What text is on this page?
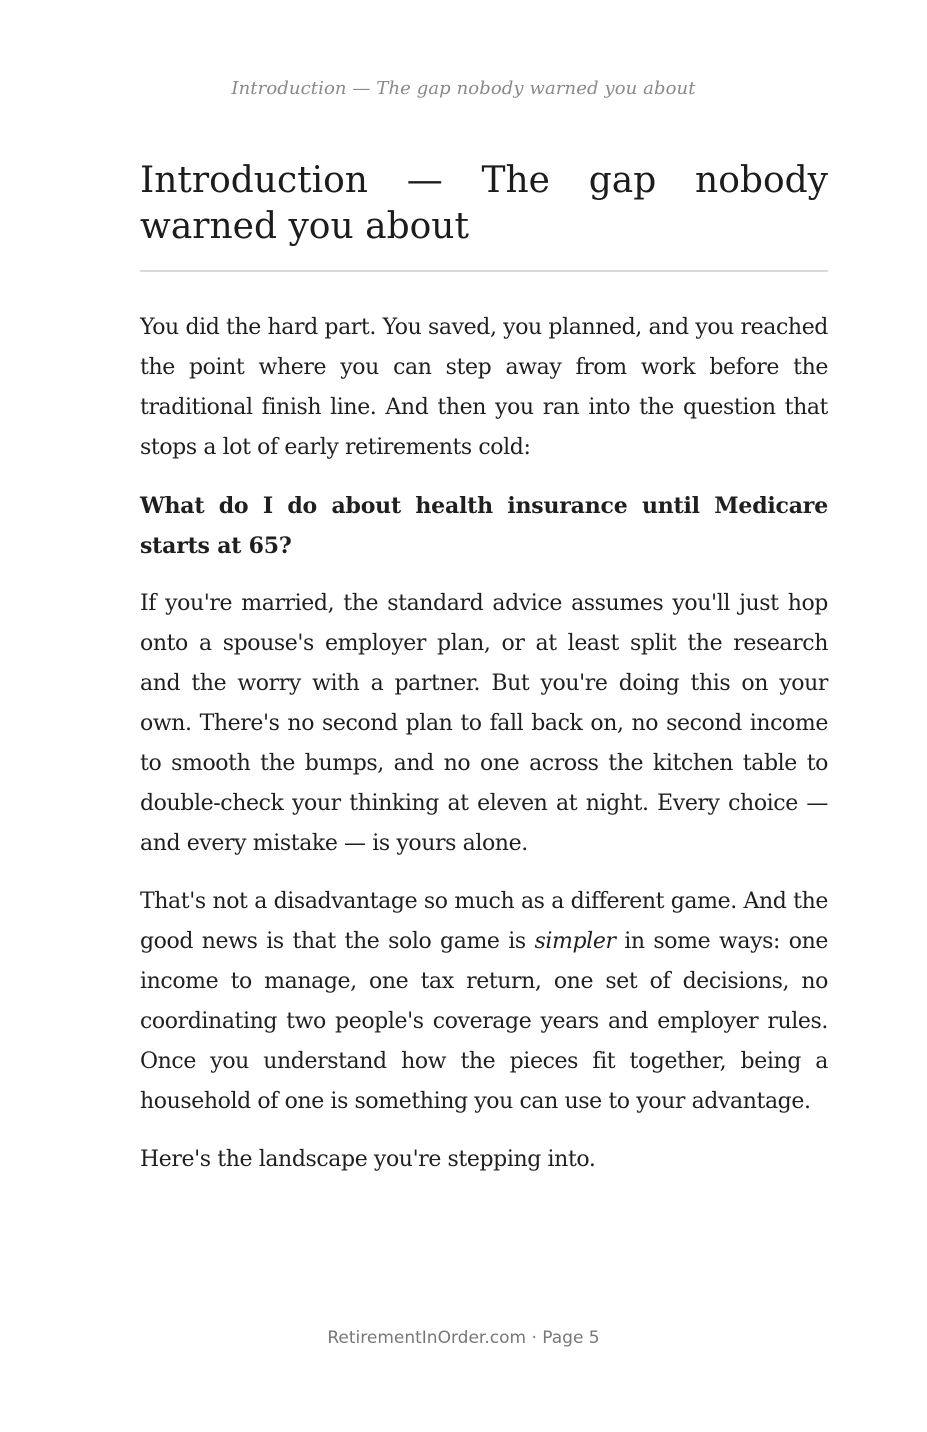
Introduction — The gap nobody warned you about
Introduction — The gap nobody warned you about

You did the hard part. You saved, you planned, and you reached the point where you can step away from work before the traditional finish line. And then you ran into the question that stops a lot of early retirements cold:

What do I do about health insurance until Medicare starts at 65?

If you're married, the standard advice assumes you'll just hop onto a spouse's employer plan, or at least split the research and the worry with a partner. But you're doing this on your own. There's no second plan to fall back on, no second income to smooth the bumps, and no one across the kitchen table to double-check your thinking at eleven at night. Every choice — and every mistake — is yours alone.

That's not a disadvantage so much as a different game. And the good news is that the solo game is simpler in some ways: one income to manage, one tax return, one set of decisions, no coordinating two people's coverage years and employer rules. Once you understand how the pieces fit together, being a household of one is something you can use to your advantage.

Here's the landscape you're stepping into.

RetirementInOrder.com · Page 5
